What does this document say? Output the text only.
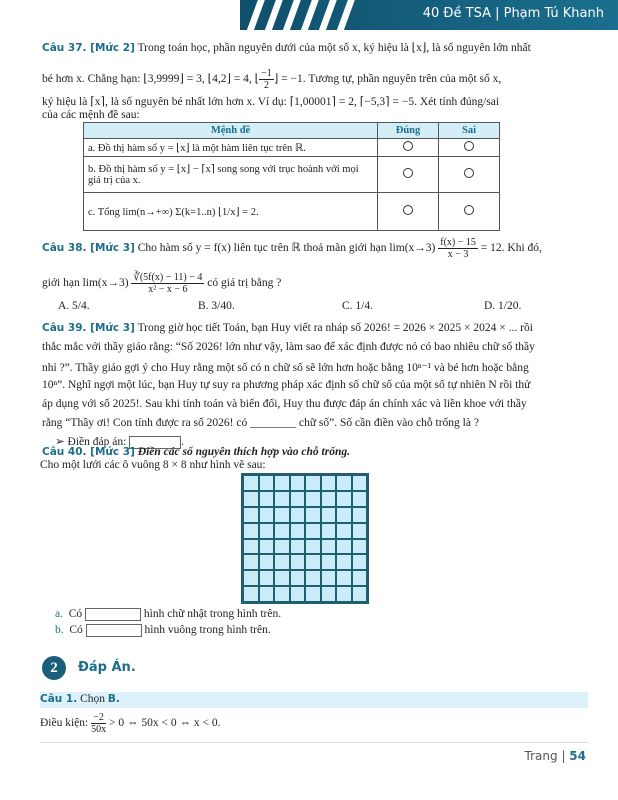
40 Đề TSA | Phạm Tú Khanh
Câu 37. [Mức 2] Trong toán học, phần nguyên dưới của một số x, ký hiệu là ⌊x⌋, là số nguyên lớn nhất
bé hơn x. Chẳng hạn: ⌊3,9999⌋ = 3, ⌊4,2⌋ = 4, ⌊ $\frac{-1}{2}$ ⌋ = −1. Tương tự, phần nguyên trên của một số x,
ký hiệu là ⌈x⌉, là số nguyên bé nhất lớn hơn x. Ví dụ: ⌈1,00001⌉ = 2, ⌈−5,3⌉ = −5. Xét tính đúng/sai
của các mệnh đề sau:
Mệnh đề	Đúng	Sai
a. Đồ thị hàm số y = ⌊x⌋ là một hàm liên tục trên ℝ.		
b. Đồ thị hàm số y = ⌊x⌋ − ⌈x⌉ song song với trục hoành với mọi giá trị của x.		
c. Tổng lim(n→+∞) Σ(k=1..n) ⌊1/x⌋ = 2.		
Câu 38. [Mức 3] Cho hàm số y = f(x) liên tục trên ℝ thoả mãn giới hạn $\lim(x\to 3) \frac{f(x) - 15}{x - 3} = 12$. Khi đó,
giới hạn $\lim(x\to 3) \frac{∛(5f(x) - 11) - 4}{\text{x² − x − 6}}$ có giá trị bằng ?
A. 5/4.	B. 3/40.	C. 1/4.	D. 1/20.
Câu 39. [Mức 3] Trong giờ học tiết Toán, bạn Huy viết ra nháp số 2026! = 2026 × 2025 × 2024 × ... rồi
thắc mắc với thầy giáo rằng: “Số 2026! lớn như vậy, làm sao để xác định được nó có bao nhiêu chữ số thầy
nhỉ ?”. Thầy giáo gợi ý cho Huy rằng một số có n chữ số sẽ lớn hơn hoặc bằng 10ⁿ⁻¹ và bé hơn hoặc bằng
10ⁿ”. Nghĩ ngợi một lúc, bạn Huy tự suy ra phương pháp xác định số chữ số của một số tự nhiên N rồi thử
áp dụng với số 2025!. Sau khi tính toán và biến đổi, Huy thu được đáp án chính xác và liền khoe với thầy
rằng “Thầy ơi! Con tính được ra số 2026! có ________ chữ số”. Số cần điền vào chỗ trống là ?
➢ Điền đáp án:	.
Câu 40. [Mức 3] Điền các số nguyên thích hợp vào chỗ trống.
Cho một lưới các ô vuông 8 × 8 như hình vẽ sau:
a. Có	hình chữ nhật trong hình trên.
b. Có	hình vuông trong hình trên.
2	Đáp Án.
Câu 1. Chọn B.
Điều kiện: $\frac{-2}{50x} > 0$ ⇔ 50x < 0 ⇔ x < 0.
Trang | 54
